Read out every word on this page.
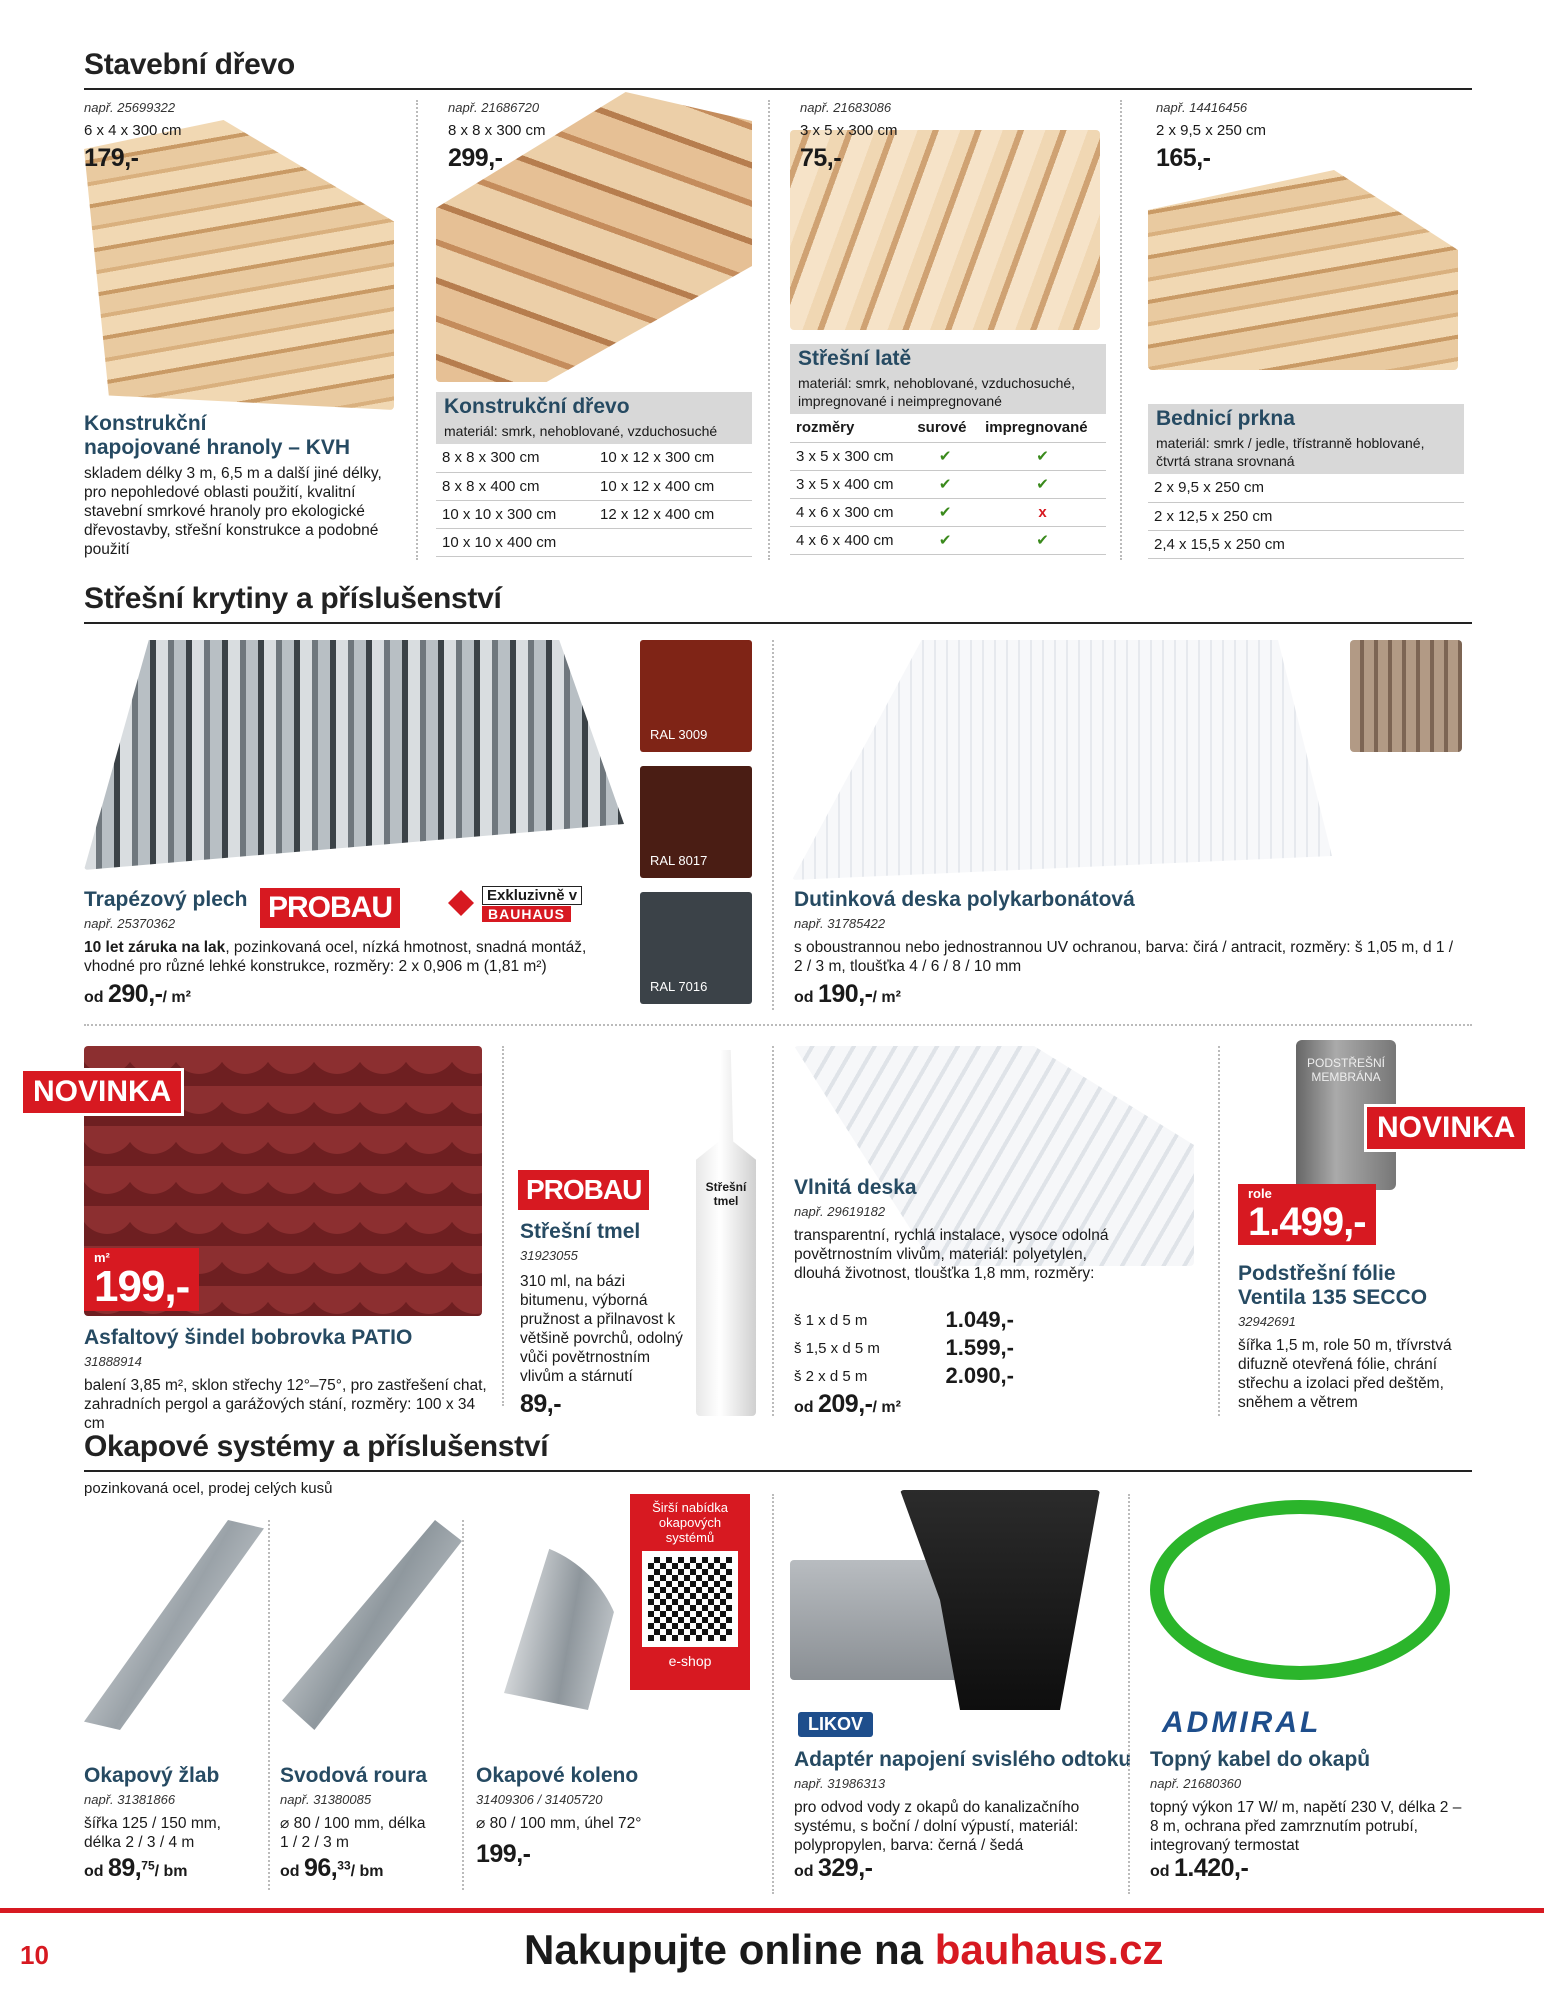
Stavební dřevo
např. 25699322
6 x 4 x 300 cm
179,-
Konstrukční
napojované hranoly – KVH
skladem délky 3 m, 6,5 m a další jiné délky, pro nepohledové oblasti použití, kvalitní stavební smrkové hranoly pro ekologické dřevostavby, střešní konstrukce a podobné použití
např. 21686720
8 x 8 x 300 cm
299,-
Konstrukční dřevo
materiál: smrk, nehoblované, vzduchosuché
8 x 8 x 300 cm	10 x 12 x 300 cm
8 x 8 x 400 cm	10 x 12 x 400 cm
10 x 10 x 300 cm	12 x 12 x 400 cm
10 x 10 x 400 cm	
např. 21683086
3 x 5 x 300 cm
75,-
Střešní latě
materiál: smrk, nehoblované, vzduchosuché, impregnované i neimpregnované
rozměry	surové	impregnované
3 x 5 x 300 cm	✔	✔
3 x 5 x 400 cm	✔	✔
4 x 6 x 300 cm	✔	x
4 x 6 x 400 cm	✔	✔
např. 14416456
2 x 9,5 x 250 cm
165,-
Bednicí prkna
materiál: smrk / jedle, třístranně hoblované, čtvrtá strana srovnaná
2 x 9,5 x 250 cm
2 x 12,5 x 250 cm
2,4 x 15,5 x 250 cm
Střešní krytiny a příslušenství
RAL 3009
RAL 8017
RAL 7016
Trapézový plech PROBAU	Exkluzivně v
BAUHAUS
např. 25370362
10 let záruka na lak, pozinkovaná ocel, nízká hmotnost, snadná montáž, vhodné pro různé lehké konstrukce, rozměry: 2 x 0,906 m (1,81 m²)
od 290,-/ m²
Dutinková deska polykarbonátová
např. 31785422
s oboustrannou nebo jednostrannou UV ochranou, barva: čirá / antracit, rozměry: š 1,05 m, d 1 / 2 / 3 m, tloušťka 4 / 6 / 8 / 10 mm
od 190,-/ m²
NOVINKA
m²
199,-
Asfaltový šindel bobrovka PATIO
31888914
balení 3,85 m², sklon střechy 12°–75°, pro zastřešení chat, zahradních pergol a garážových stání, rozměry: 100 x 34 cm
Střešní tmel
PROBAU
Střešní tmel
31923055
310 ml, na bázi bitumenu, výborná pružnost a přilnavost k většině povrchů, odolný vůči povětrnostním vlivům a stárnutí
89,-
Vlnitá deska
např. 29619182
transparentní, rychlá instalace, vysoce odolná povětrnostním vlivům, materiál: polyetylen, dlouhá životnost, tloušťka 1,8 mm, rozměry:
š 1 x d 5 m	1.049,-
š 1,5 x d 5 m	1.599,-
š 2 x d 5 m	2.090,-
od 209,-/ m²
PODSTŘEŠNÍ MEMBRÁNA
NOVINKA
role
1.499,-
Podstřešní fólie
Ventila 135 SECCO
32942691
šířka 1,5 m, role 50 m, třívrstvá difuzně otevřená fólie, chrání střechu a izolaci před deštěm, sněhem a větrem
Okapové systémy a příslušenství
pozinkovaná ocel, prodej celých kusů
Okapový žlab
např. 31381866
šířka 125 / 150 mm, délka 2 / 3 / 4 m
od 89,75/ bm
Svodová roura
např. 31380085
⌀ 80 / 100 mm, délka 1 / 2 / 3 m
od 96,33/ bm
Okapové koleno
31409306 / 31405720
⌀ 80 / 100 mm, úhel 72°
199,-
Širší nabídka okapových systémů
e-shop
LIKOV
Adaptér napojení svislého odtoku
např. 31986313
pro odvod vody z okapů do kanalizačního systému, s boční / dolní výpustí, materiál: polypropylen, barva: černá / šedá
od 329,-
ADMIRAL
Topný kabel do okapů
např. 21680360
topný výkon 17 W/ m, napětí 230 V, délka 2 – 8 m, ochrana před zamrznutím potrubí, integrovaný termostat
od 1.420,-
10	Nakupujte online na bauhaus.cz
